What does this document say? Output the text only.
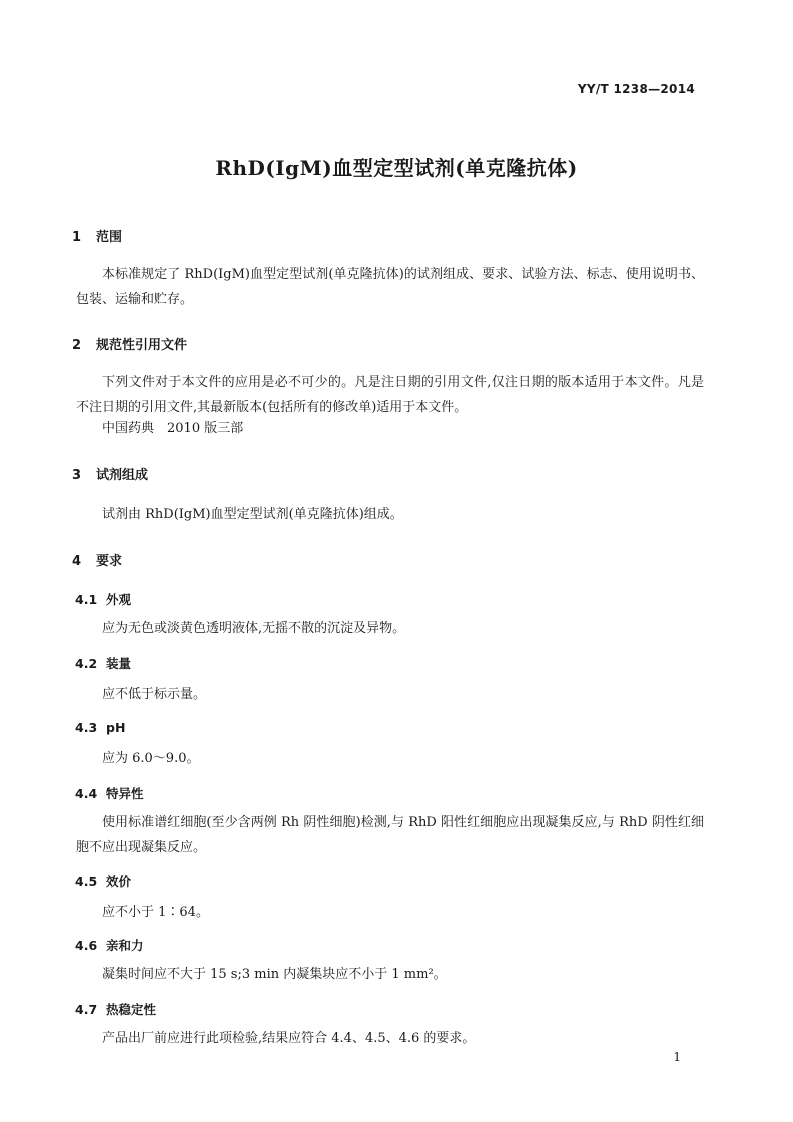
YY/T 1238—2014
RhD(IgM)血型定型试剂(单克隆抗体)
1 范围
本标准规定了 RhD(IgM)血型定型试剂(单克隆抗体)的试剂组成、要求、试验方法、标志、使用说明书、包装、运输和贮存。
2 规范性引用文件
下列文件对于本文件的应用是必不可少的。凡是注日期的引用文件,仅注日期的版本适用于本文件。凡是不注日期的引用文件,其最新版本(包括所有的修改单)适用于本文件。
中国药典　2010 版三部
3 试剂组成
试剂由 RhD(IgM)血型定型试剂(单克隆抗体)组成。
4 要求
4.1 外观
应为无色或淡黄色透明液体,无摇不散的沉淀及异物。
4.2 装量
应不低于标示量。
4.3 pH
应为 6.0～9.0。
4.4 特异性
使用标准谱红细胞(至少含两例 Rh 阴性细胞)检测,与 RhD 阳性红细胞应出现凝集反应,与 RhD 阴性红细胞不应出现凝集反应。
4.5 效价
应不小于 1∶64。
4.6 亲和力
凝集时间应不大于 15 s;3 min 内凝集块应不小于 1 mm²。
4.7 热稳定性
产品出厂前应进行此项检验,结果应符合 4.4、4.5、4.6 的要求。
1
